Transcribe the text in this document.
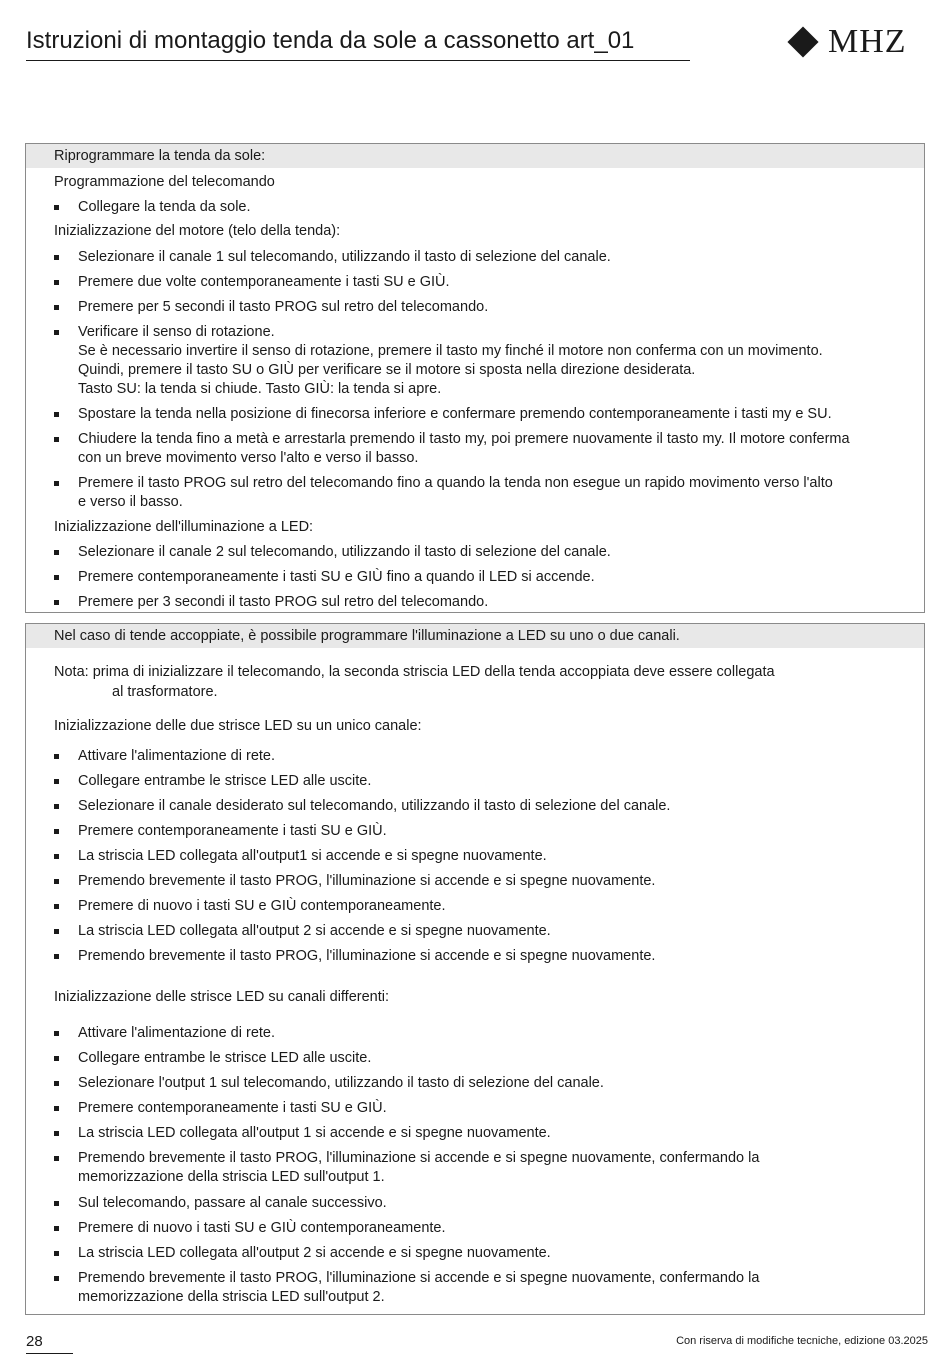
Istruzioni di montaggio tenda da sole a cassonetto art_01	MHZ
Riprogrammare la tenda da sole:
Programmazione del telecomando
Collegare la tenda da sole.
Inizializzazione del motore (telo della tenda):
Selezionare il canale 1 sul telecomando, utilizzando il tasto di selezione del canale.
Premere due volte contemporaneamente i tasti SU e GIÙ.
Premere per 5 secondi il tasto PROG sul retro del telecomando.
Verificare il senso di rotazione.
Se è necessario invertire il senso di rotazione, premere il tasto my finché il motore non conferma con un movimento.
Quindi, premere il tasto SU o GIÙ per verificare se il motore si sposta nella direzione desiderata.
Tasto SU: la tenda si chiude. Tasto GIÙ: la tenda si apre.
Spostare la tenda nella posizione di finecorsa inferiore e confermare premendo contemporaneamente i tasti my e SU.
Chiudere la tenda fino a metà e arrestarla premendo il tasto my, poi premere nuovamente il tasto my. Il motore conferma
con un breve movimento verso l'alto e verso il basso.
Premere il tasto PROG sul retro del telecomando fino a quando la tenda non esegue un rapido movimento verso l'alto
e verso il basso.
Inizializzazione dell'illuminazione a LED:
Selezionare il canale 2 sul telecomando, utilizzando il tasto di selezione del canale.
Premere contemporaneamente i tasti SU e GIÙ fino a quando il LED si accende.
Premere per 3 secondi il tasto PROG sul retro del telecomando.
Nel caso di tende accoppiate, è possibile programmare l'illuminazione a LED su uno o due canali.
Nota: prima di inizializzare il telecomando, la seconda striscia LED della tenda accoppiata deve essere collegata
al trasformatore.
Inizializzazione delle due strisce LED su un unico canale:
Attivare l'alimentazione di rete.
Collegare entrambe le strisce LED alle uscite.
Selezionare il canale desiderato sul telecomando, utilizzando il tasto di selezione del canale.
Premere contemporaneamente i tasti SU e GIÙ.
La striscia LED collegata all'output1 si accende e si spegne nuovamente.
Premendo brevemente il tasto PROG, l'illuminazione si accende e si spegne nuovamente.
Premere di nuovo i tasti SU e GIÙ contemporaneamente.
La striscia LED collegata all'output 2 si accende e si spegne nuovamente.
Premendo brevemente il tasto PROG, l'illuminazione si accende e si spegne nuovamente.
Inizializzazione delle strisce LED su canali differenti:
Attivare l'alimentazione di rete.
Collegare entrambe le strisce LED alle uscite.
Selezionare l'output 1 sul telecomando, utilizzando il tasto di selezione del canale.
Premere contemporaneamente i tasti SU e GIÙ.
La striscia LED collegata all'output 1 si accende e si spegne nuovamente.
Premendo brevemente il tasto PROG, l'illuminazione si accende e si spegne nuovamente, confermando la
memorizzazione della striscia LED sull'output 1.
Sul telecomando, passare al canale successivo.
Premere di nuovo i tasti SU e GIÙ contemporaneamente.
La striscia LED collegata all'output 2 si accende e si spegne nuovamente.
Premendo brevemente il tasto PROG, l'illuminazione si accende e si spegne nuovamente, confermando la
memorizzazione della striscia LED sull'output 2.
28	Con riserva di modifiche tecniche, edizione 03.2025
